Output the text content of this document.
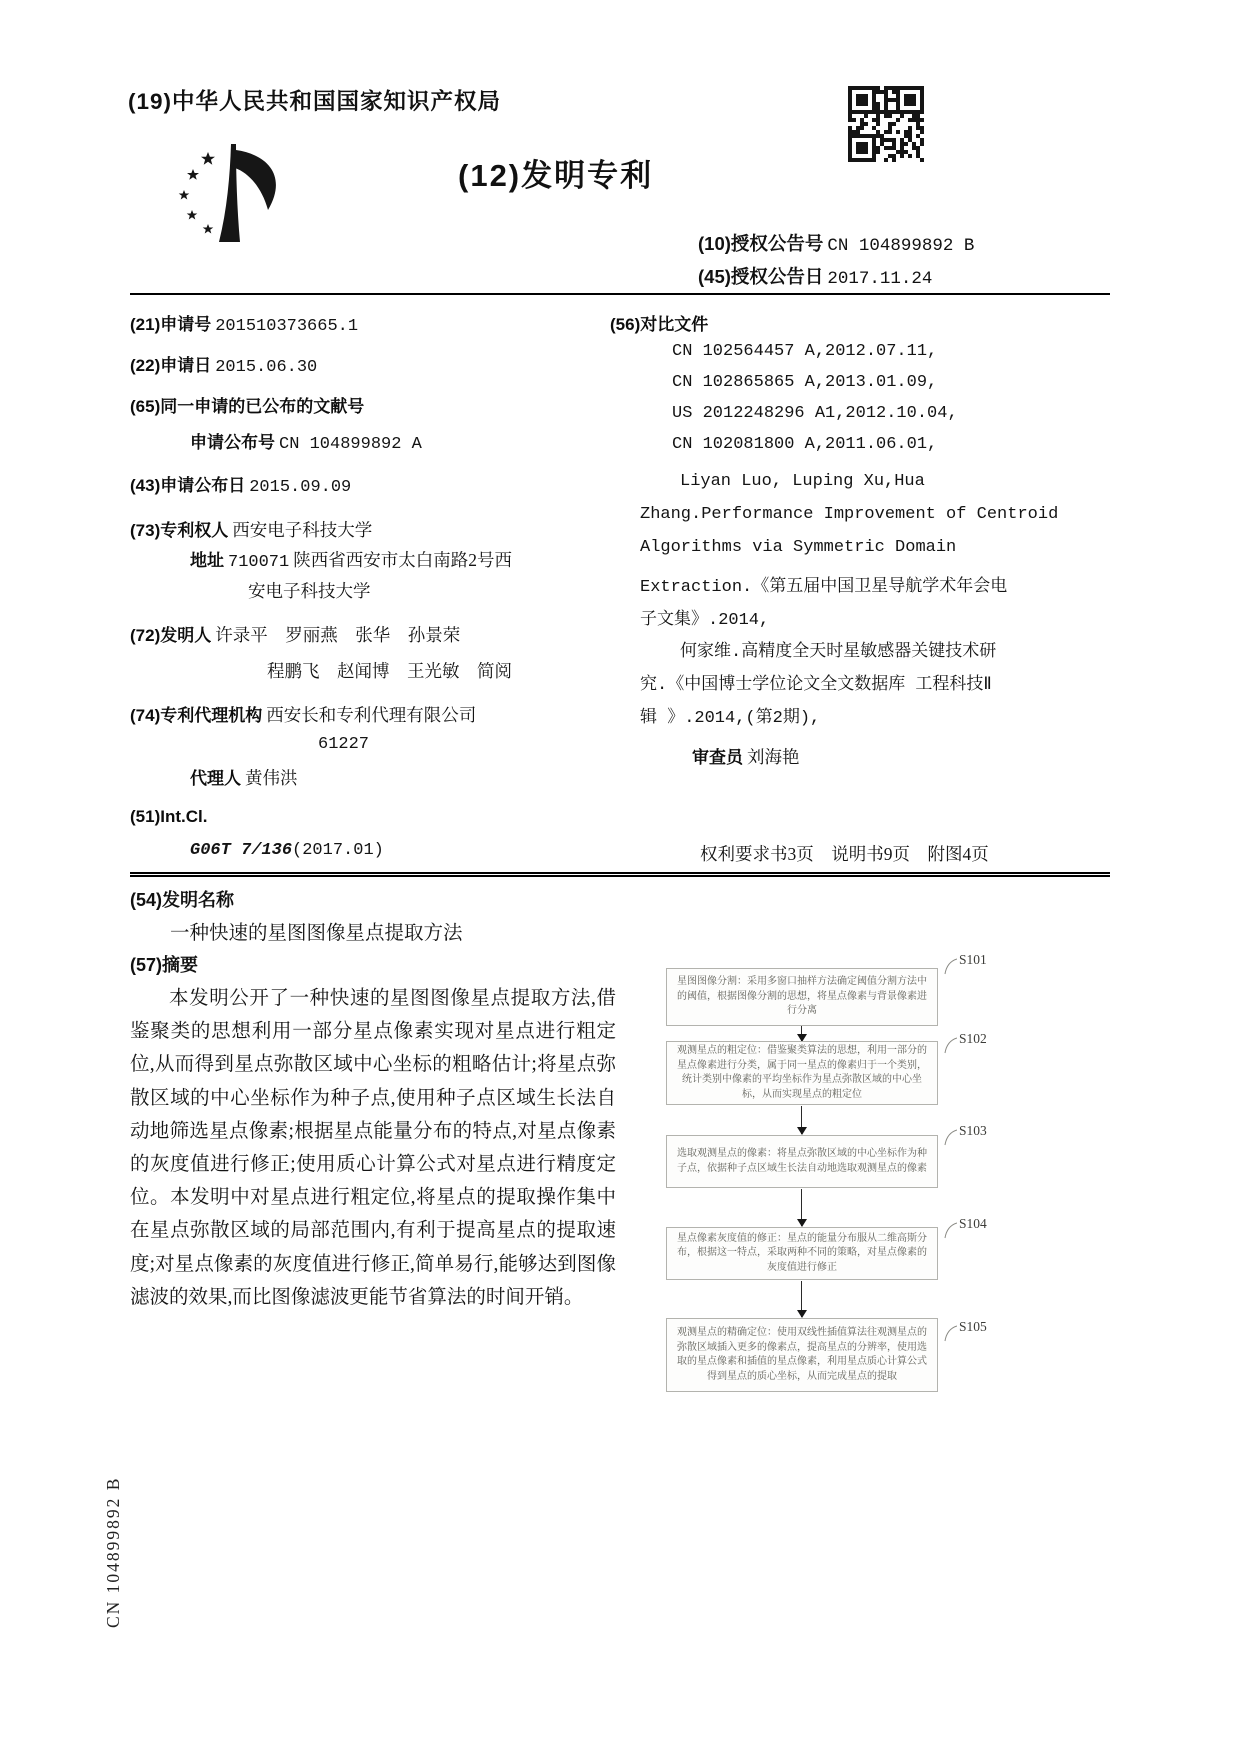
(19)中华人民共和国国家知识产权局
(12)发明专利
(10)授权公告号 CN 104899892 B
(45)授权公告日 2017.11.24
(21)申请号 201510373665.1
(22)申请日 2015.06.30
(65)同一申请的已公布的文献号
申请公布号 CN 104899892 A
(43)申请公布日 2015.09.09
(73)专利权人 西安电子科技大学
地址 710071 陕西省西安市太白南路2号西
安电子科技大学
(72)发明人 许录平　罗丽燕　张华　孙景荣
程鹏飞　赵闻博　王光敏　简阅
(74)专利代理机构 西安长和专利代理有限公司
61227
代理人 黄伟洪
(51)Int.Cl.
G06T 7/136(2017.01)
(56)对比文件
CN 102564457 A,2012.07.11,
CN 102865865 A,2013.01.09,
US 2012248296 A1,2012.10.04,
CN 102081800 A,2011.06.01,
Liyan Luo, Luping Xu,Hua
Zhang.Performance Improvement of Centroid
Algorithms via Symmetric Domain
Extraction.《第五届中国卫星导航学术年会电
子文集》.2014,
何家维.高精度全天时星敏感器关键技术研
究.《中国博士学位论文全文数据库 工程科技Ⅱ
辑 》.2014,(第2期),
审查员 刘海艳
权利要求书3页　说明书9页　附图4页
(54)发明名称
一种快速的星图图像星点提取方法
(57)摘要
本发明公开了一种快速的星图图像星点提取方法,借鉴聚类的思想利用一部分星点像素实现对星点进行粗定位,从而得到星点弥散区域中心坐标的粗略估计;将星点弥散区域的中心坐标作为种子点,使用种子点区域生长法自动地筛选星点像素;根据星点能量分布的特点,对星点像素的灰度值进行修正;使用质心计算公式对星点进行精度定位。本发明中对星点进行粗定位,将星点的提取操作集中在星点弥散区域的局部范围内,有利于提高星点的提取速度;对星点像素的灰度值进行修正,简单易行,能够达到图像滤波的效果,而比图像滤波更能节省算法的时间开销。
星图图像分割：采用多窗口抽样方法确定阈值分割方法中的阈值，根据图像分割的思想，将星点像素与背景像素进行分离
S101
观测星点的粗定位：借鉴聚类算法的思想，利用一部分的星点像素进行分类，属于同一星点的像素归于一个类别，统计类别中像素的平均坐标作为星点弥散区域的中心坐标，从而实现星点的粗定位
S102
选取观测星点的像素：将星点弥散区域的中心坐标作为种子点，依据种子点区域生长法自动地选取观测星点的像素
S103
星点像素灰度值的修正：星点的能量分布服从二维高斯分布，根据这一特点，采取两种不同的策略，对星点像素的灰度值进行修正
S104
观测星点的精确定位：使用双线性插值算法往观测星点的弥散区域插入更多的像素点，提高星点的分辨率，使用选取的星点像素和插值的星点像素，利用星点质心计算公式得到星点的质心坐标，从而完成星点的提取
S105
CN 104899892 B
